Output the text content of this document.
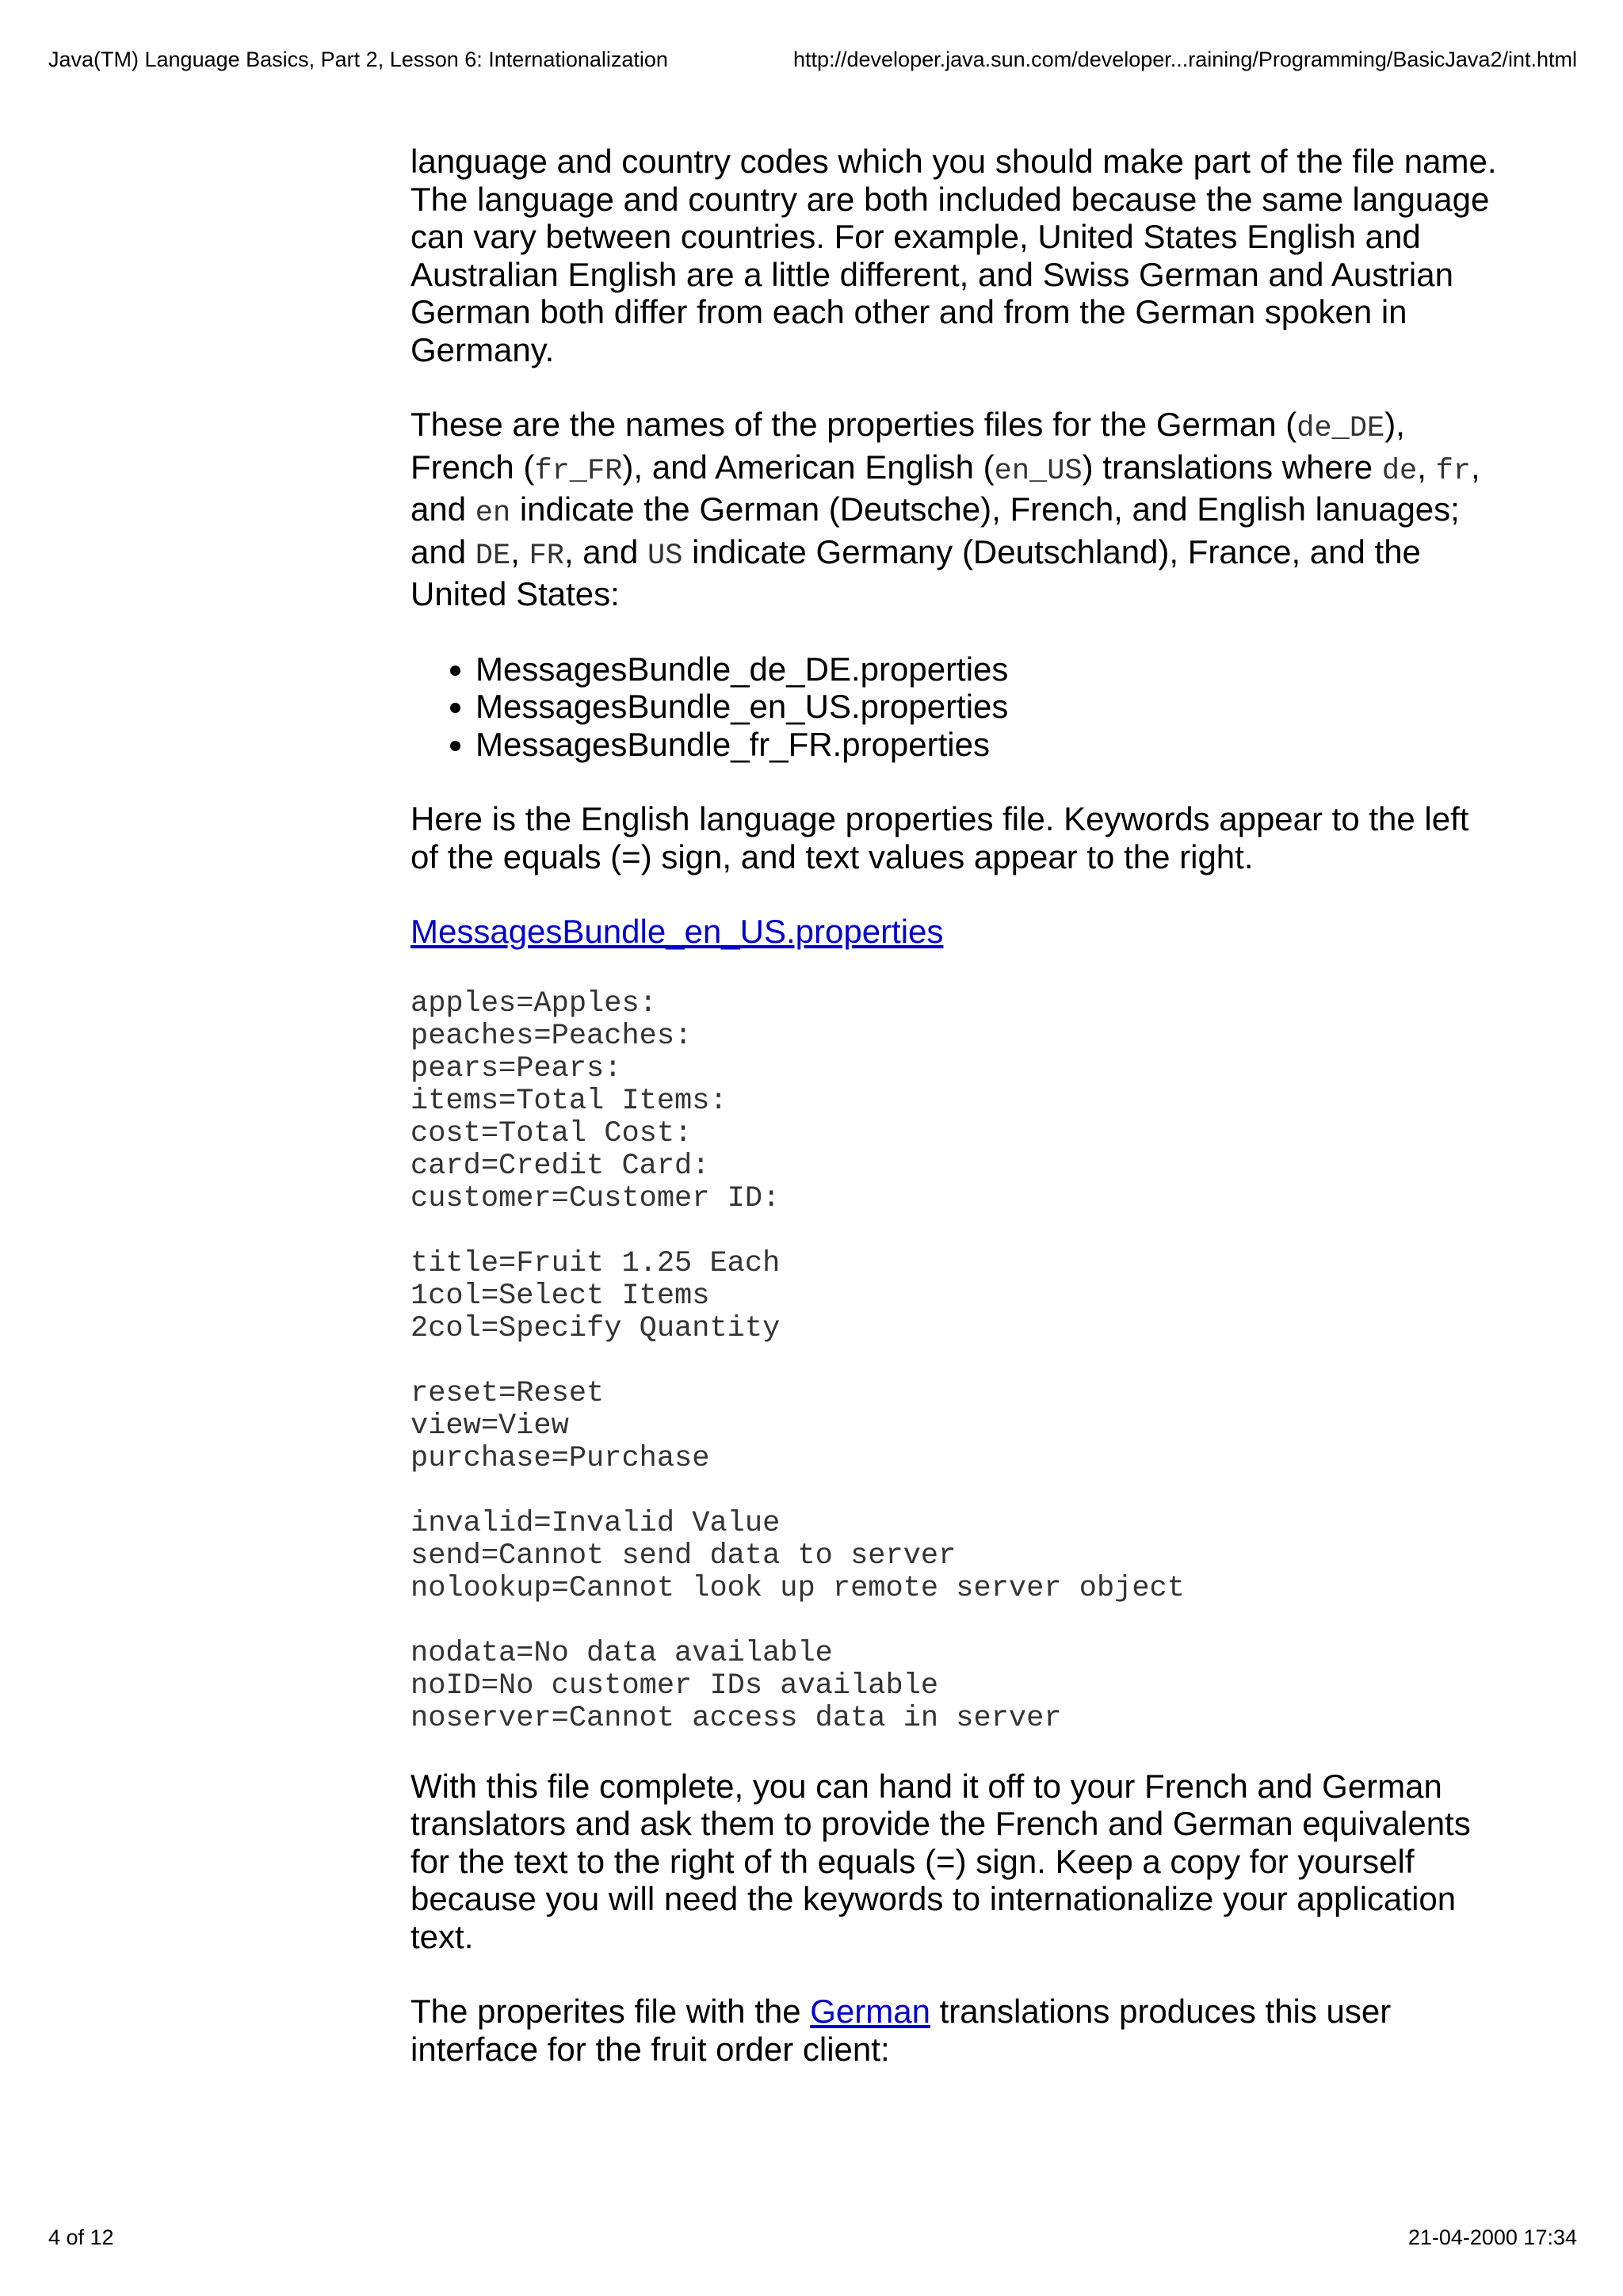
Java(TM) Language Basics, Part 2, Lesson 6: Internationalization	http://developer.java.sun.com/developer...raining/Programming/BasicJava2/int.html

language and country codes which you should make part of the file name. The language and country are both included because the same language can vary between countries. For example, United States English and Australian English are a little different, and Swiss German and Austrian German both differ from each other and from the German spoken in Germany.

These are the names of the properties files for the German (de_DE), French (fr_FR), and American English (en_US) translations where de, fr, and en indicate the German (Deutsche), French, and English lanuages; and DE, FR, and US indicate Germany (Deutschland), France, and the United States:

• MessagesBundle_de_DE.properties
• MessagesBundle_en_US.properties
• MessagesBundle_fr_FR.properties

Here is the English language properties file. Keywords appear to the left of the equals (=) sign, and text values appear to the right.

MessagesBundle_en_US.properties

apples=Apples:
peaches=Peaches:
pears=Pears:
items=Total Items:
cost=Total Cost:
card=Credit Card:
customer=Customer ID:
title=Fruit 1.25 Each
1col=Select Items
2col=Specify Quantity
reset=Reset
view=View
purchase=Purchase
invalid=Invalid Value
send=Cannot send data to server
nolookup=Cannot look up remote server object
nodata=No data available
noID=No customer IDs available
noserver=Cannot access data in server

With this file complete, you can hand it off to your French and German translators and ask them to provide the French and German equivalents for the text to the right of th equals (=) sign. Keep a copy for yourself because you will need the keywords to internationalize your application text.

The properites file with the German translations produces this user interface for the fruit order client:

4 of 12	21-04-2000 17:34
